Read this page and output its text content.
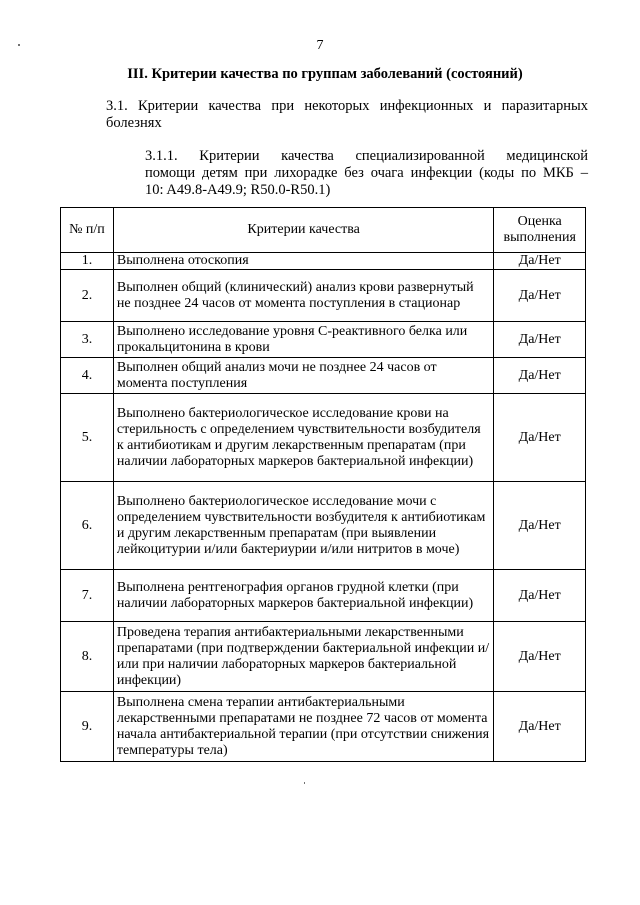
7
III. Критерии качества по группам заболеваний (состояний)
3.1. Критерии качества при некоторых инфекционных и паразитарных
болезнях
3.1.1. Критерии качества специализированной медицинской
помощи детям при лихорадке без очага инфекции (коды по МКБ –
10: A49.8-A49.9; R50.0-R50.1)
№ п/п	Критерии качества	Оценка выполнения
1.	Выполнена отоскопия	Да/Нет
2.	Выполнен общий (клинический) анализ крови развернутый не позднее 24 часов от момента поступления в стационар	Да/Нет
3.	Выполнено исследование уровня С-реактивного белка или прокальцитонина в крови	Да/Нет
4.	Выполнен общий анализ мочи не позднее 24 часов от момента поступления	Да/Нет
5.	Выполнено бактериологическое исследование крови на стерильность с определением чувствительности возбудителя к антибиотикам и другим лекарственным препаратам (при наличии лабораторных маркеров бактериальной инфекции)	Да/Нет
6.	Выполнено бактериологическое исследование мочи с определением чувствительности возбудителя к антибиотикам и другим лекарственным препаратам (при выявлении лейкоцитурии и/или бактериурии и/или нитритов в моче)	Да/Нет
7.	Выполнена рентгенография органов грудной клетки (при наличии лабораторных маркеров бактериальной инфекции)	Да/Нет
8.	Проведена терапия антибактериальными лекарственными препаратами (при подтверждении бактериальной инфекции и/или при наличии лабораторных маркеров бактериальной инфекции)	Да/Нет
9.	Выполнена смена терапии антибактериальными лекарственными препаратами не позднее 72 часов от момента начала антибактериальной терапии (при отсутствии снижения температуры тела)	Да/Нет
